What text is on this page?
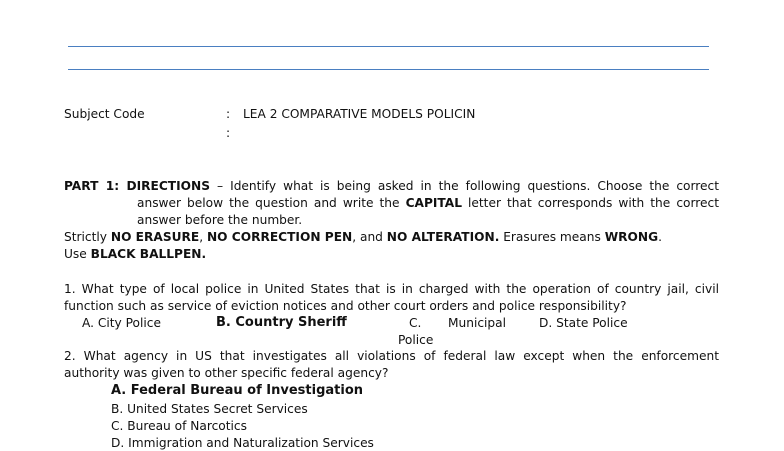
Subject Code	: LEA 2 COMPARATIVE MODELS POLICIN
:
PART 1: DIRECTIONS – Identify what is being asked in the following questions. Choose the correct
answer below the question and write the CAPITAL letter that corresponds with the correct
answer before the number.
Strictly NO ERASURE, NO CORRECTION PEN, and NO ALTERATION. Erasures means WRONG.
Use BLACK BALLPEN.
1. What type of local police in United States that is in charged with the operation of country jail, civil
function such as service of eviction notices and other court orders and police responsibility?
A. City Police	B. Country Sheriff	C. Municipal	D. State Police
Police
2. What agency in US that investigates all violations of federal law except when the enforcement
authority was given to other specific federal agency?
A. Federal Bureau of Investigation
B. United States Secret Services
C. Bureau of Narcotics
D. Immigration and Naturalization Services
